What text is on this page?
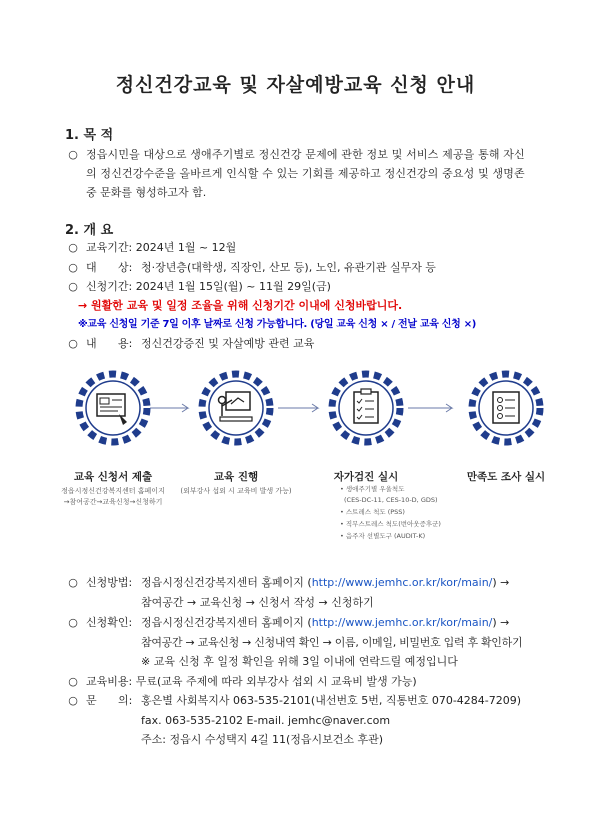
정신건강교육 및 자살예방교육 신청 안내
1. 목 적
○ 정읍시민을 대상으로 생애주기별로 정신건강 문제에 관한 정보 및 서비스 제공을 통해 자신
의 정신건강수준을 올바르게 인식할 수 있는 기회를 제공하고 정신건강의 중요성 및 생명존
중 문화를 형성하고자 함.
2. 개 요
○ 교육기간: 2024년 1월 ~ 12월
○ 대 상: 청·장년층(대학생, 직장인, 산모 등), 노인, 유관기관 실무자 등
○ 신청기간: 2024년 1월 15일(월) ~ 11월 29일(금)
→ 원활한 교육 및 일정 조율을 위해 신청기간 이내에 신청바랍니다.
※교육 신청일 기준 7일 이후 날짜로 신청 가능합니다. (당일 교육 신청 × / 전날 교육 신청 ×)
○ 내 용: 정신건강증진 및 자살예방 관련 교육
교육 신청서 제출
정읍시정신건강복지센터 홈페이지
→참여공간→교육신청→신청하기
교육 진행
(외부강사 섭외 시 교육비 발생 가능)
자가검진 실시
• 생애주기별 우울척도
(CES-DC-11, CES-10-D, GDS)
• 스트레스 척도 (PSS)
• 직무스트레스 척도(번아웃증후군)
• 음주자 선별도구 (AUDIT-K)
만족도 조사 실시
○ 신청방법: 정읍시정신건강복지센터 홈페이지 (http://www.jemhc.or.kr/kor/main/) →
참여공간 → 교육신청 → 신청서 작성 → 신청하기
○ 신청확인: 정읍시정신건강복지센터 홈페이지 (http://www.jemhc.or.kr/kor/main/) →
참여공간 → 교육신청 → 신청내역 확인 → 이름, 이메일, 비밀번호 입력 후 확인하기
※ 교육 신청 후 일정 확인을 위해 3일 이내에 연락드릴 예정입니다
○ 교육비용: 무료(교육 주제에 따라 외부강사 섭외 시 교육비 발생 가능)
○ 문 의: 홍은별 사회복지사 063-535-2101(내선번호 5번, 직통번호 070-4284-7209)
fax. 063-535-2102 E-mail. jemhc@naver.com
주소: 정읍시 수성택지 4길 11(정읍시보건소 후관)
